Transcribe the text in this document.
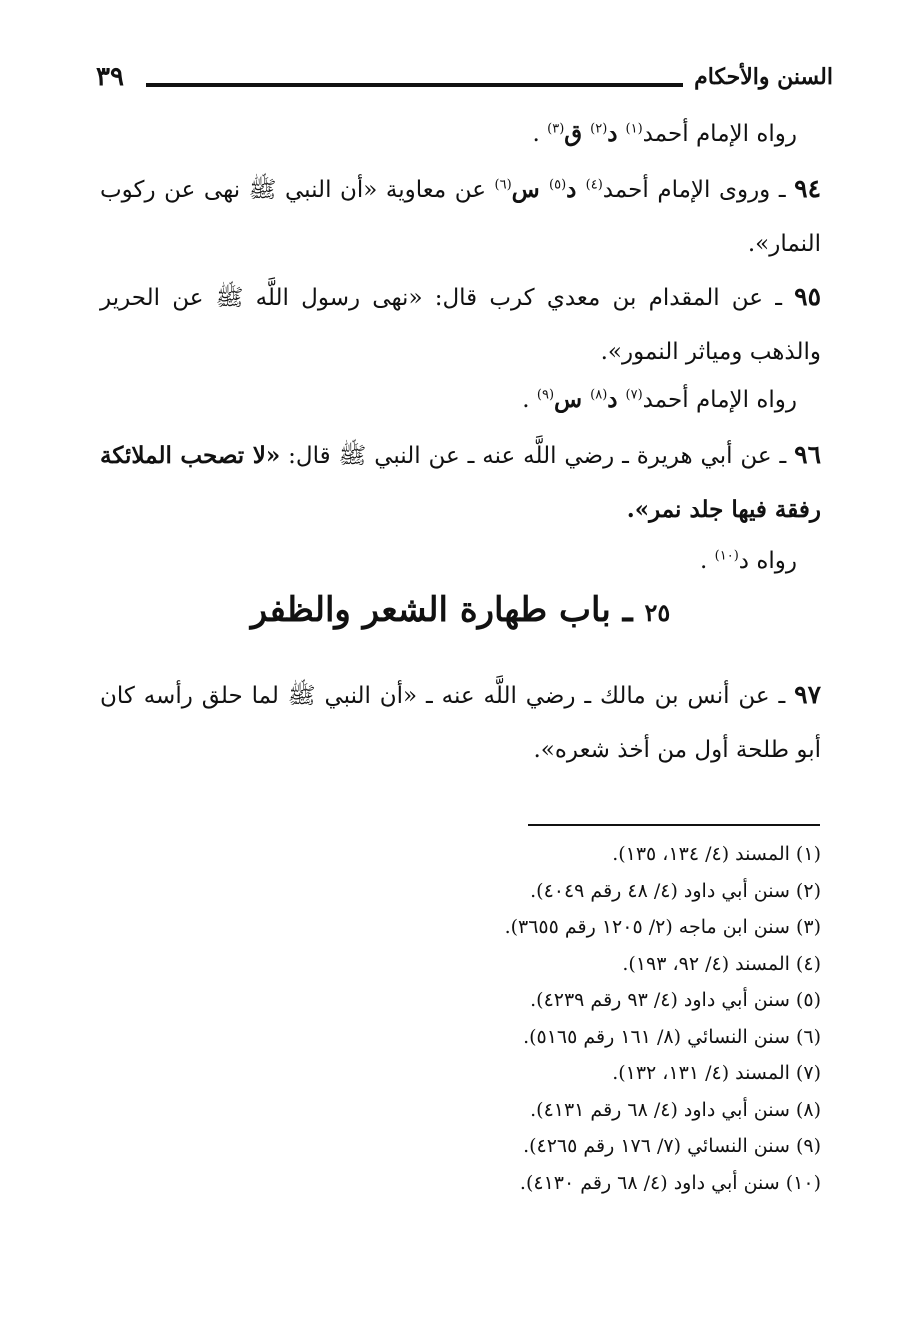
٣٩	السنن والأحكام
رواه الإمام أحمد$^{(١)}$ د$^{(٢)}$ ق$^{(٣)}$ .
٩٤ ـ وروى الإمام أحمد$^{(٤)}$ د$^{(٥)}$ س$^{(٦)}$ عن معاوية «أن النبي ﷺ نهى عن ركوب النمار».
٩٥ ـ عن المقدام بن معدي كرب قال: «نهى رسول اللَّه ﷺ عن الحرير والذهب ومياثر النمور».
رواه الإمام أحمد$^{(٧)}$ د$^{(٨)}$ س$^{(٩)}$ .
٩٦ ـ عن أبي هريرة ـ رضي اللَّه عنه ـ عن النبي ﷺ قال: «لا تصحب الملائكة رفقة فيها جلد نمر».
رواه د$^{(١٠)}$ .
٢٥ ـ باب طهارة الشعر والظفر
٩٧ ـ عن أنس بن مالك ـ رضي اللَّه عنه ـ «أن النبي ﷺ لما حلق رأسه كان أبو طلحة أول من أخذ شعره».
(١) المسند (٤/ ١٣٤، ١٣٥).
(٢) سنن أبي داود (٤/ ٤٨ رقم ٤٠٤٩).
(٣) سنن ابن ماجه (٢/ ١٢٠٥ رقم ٣٦٥٥).
(٤) المسند (٤/ ٩٢، ١٩٣).
(٥) سنن أبي داود (٤/ ٩٣ رقم ٤٢٣٩).
(٦) سنن النسائي (٨/ ١٦١ رقم ٥١٦٥).
(٧) المسند (٤/ ١٣١، ١٣٢).
(٨) سنن أبي داود (٤/ ٦٨ رقم ٤١٣١).
(٩) سنن النسائي (٧/ ١٧٦ رقم ٤٢٦٥).
(١٠) سنن أبي داود (٤/ ٦٨ رقم ٤١٣٠).
